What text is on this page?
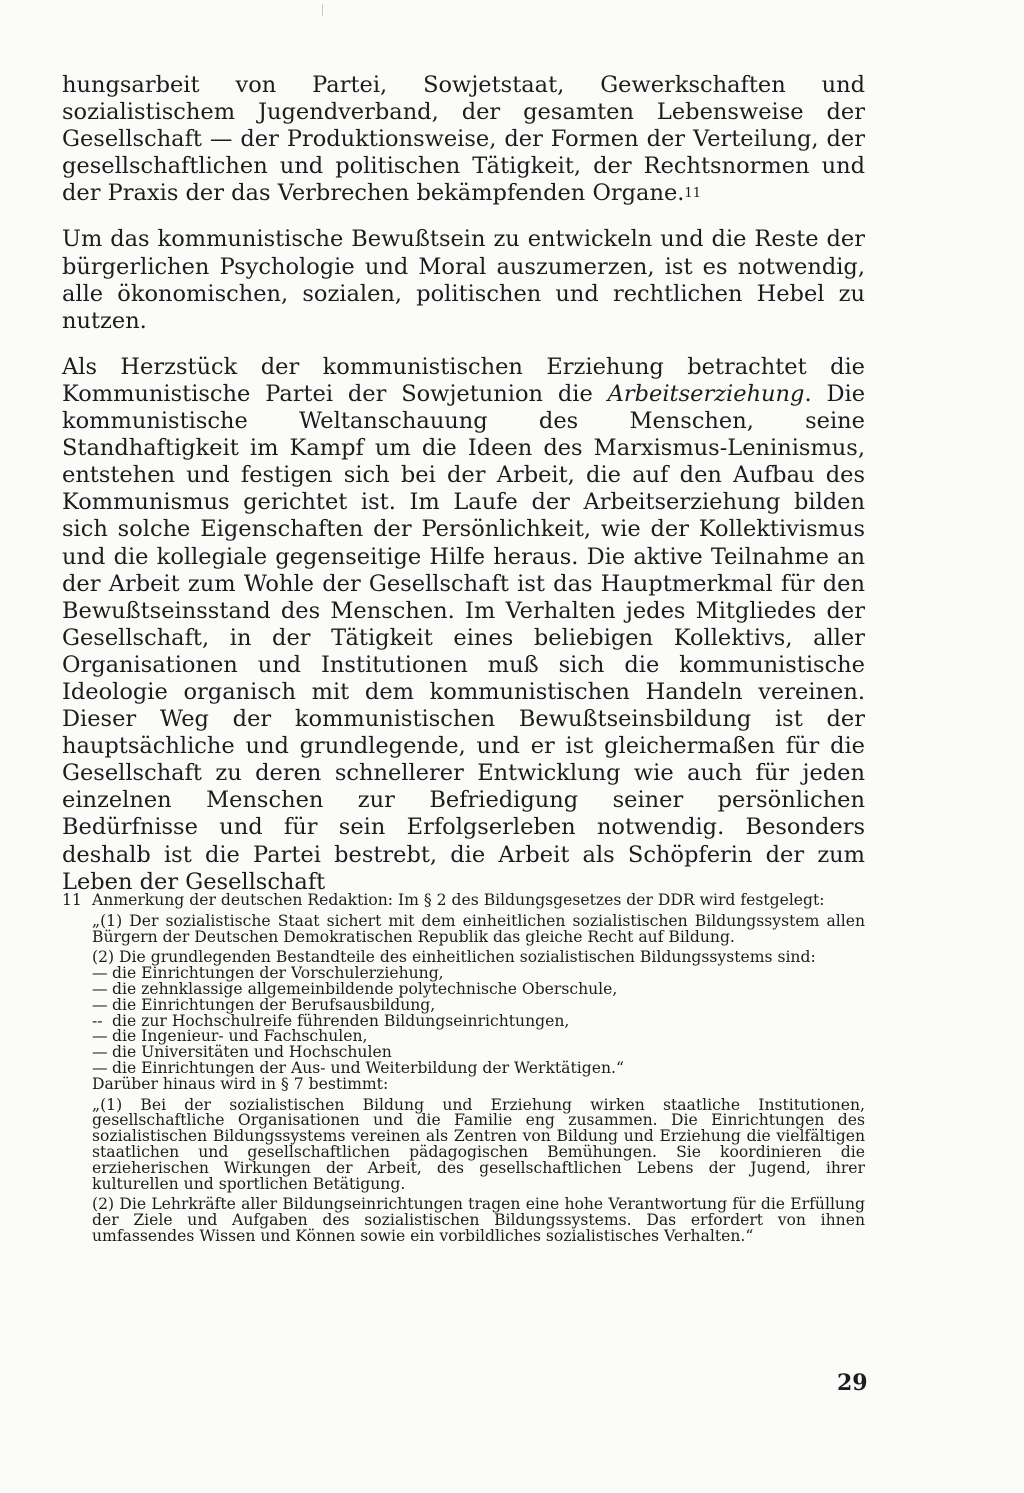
hungsarbeit von Partei, Sowjetstaat, Gewerkschaften und sozialistischem Jugendverband, der gesamten Lebensweise der Gesellschaft — der Produktionsweise, der Formen der Verteilung, der gesellschaftlichen und politischen Tätigkeit, der Rechtsnormen und der Praxis der das Verbrechen bekämpfenden Organe.$^{11}$

Um das kommunistische Bewußtsein zu entwickeln und die Reste der bürgerlichen Psychologie und Moral auszumerzen, ist es notwendig, alle ökonomischen, sozialen, politischen und rechtlichen Hebel zu nutzen.

Als Herzstück der kommunistischen Erziehung betrachtet die Kommunistische Partei der Sowjetunion die Arbeitserziehung. Die kommunistische Weltanschauung des Menschen, seine Standhaftigkeit im Kampf um die Ideen des Marxismus-Leninismus, entstehen und festigen sich bei der Arbeit, die auf den Aufbau des Kommunismus gerichtet ist. Im Laufe der Arbeitserziehung bilden sich solche Eigenschaften der Persönlichkeit, wie der Kollektivismus und die kollegiale gegenseitige Hilfe heraus. Die aktive Teilnahme an der Arbeit zum Wohle der Gesellschaft ist das Hauptmerkmal für den Bewußtseinsstand des Menschen. Im Verhalten jedes Mitgliedes der Gesellschaft, in der Tätigkeit eines beliebigen Kollektivs, aller Organisationen und Institutionen muß sich die kommunistische Ideologie organisch mit dem kommunistischen Handeln vereinen. Dieser Weg der kommunistischen Bewußtseinsbildung ist der hauptsächliche und grundlegende, und er ist gleichermaßen für die Gesellschaft zu deren schnellerer Entwicklung wie auch für jeden einzelnen Menschen zur Befriedigung seiner persönlichen Bedürfnisse und für sein Erfolgserleben notwendig. Besonders deshalb ist die Partei bestrebt, die Arbeit als Schöpferin der zum Leben der Gesellschaft

11 Anmerkung der deutschen Redaktion: Im § 2 des Bildungsgesetzes der DDR wird festgelegt:

„(1) Der sozialistische Staat sichert mit dem einheitlichen sozialistischen Bildungssystem allen Bürgern der Deutschen Demokratischen Republik das gleiche Recht auf Bildung.

(2) Die grundlegenden Bestandteile des einheitlichen sozialistischen Bildungssystems sind:

— die Einrichtungen der Vorschulerziehung,
— die zehnklassige allgemeinbildende polytechnische Oberschule,
— die Einrichtungen der Berufsausbildung,
-- die zur Hochschulreife führenden Bildungseinrichtungen,
— die Ingenieur- und Fachschulen,
— die Universitäten und Hochschulen
— die Einrichtungen der Aus- und Weiterbildung der Werktätigen.“

Darüber hinaus wird in § 7 bestimmt:

„(1) Bei der sozialistischen Bildung und Erziehung wirken staatliche Institutionen, gesellschaftliche Organisationen und die Familie eng zusammen. Die Einrichtungen des sozialistischen Bildungssystems vereinen als Zentren von Bildung und Erziehung die vielfältigen staatlichen und gesellschaftlichen pädagogischen Bemühungen. Sie koordinieren die erzieherischen Wirkungen der Arbeit, des gesellschaftlichen Lebens der Jugend, ihrer kulturellen und sportlichen Betätigung.

(2) Die Lehrkräfte aller Bildungseinrichtungen tragen eine hohe Verantwortung für die Erfüllung der Ziele und Aufgaben des sozialistischen Bildungssystems. Das erfordert von ihnen umfassendes Wissen und Können sowie ein vorbildliches sozialistisches Verhalten.“

29
